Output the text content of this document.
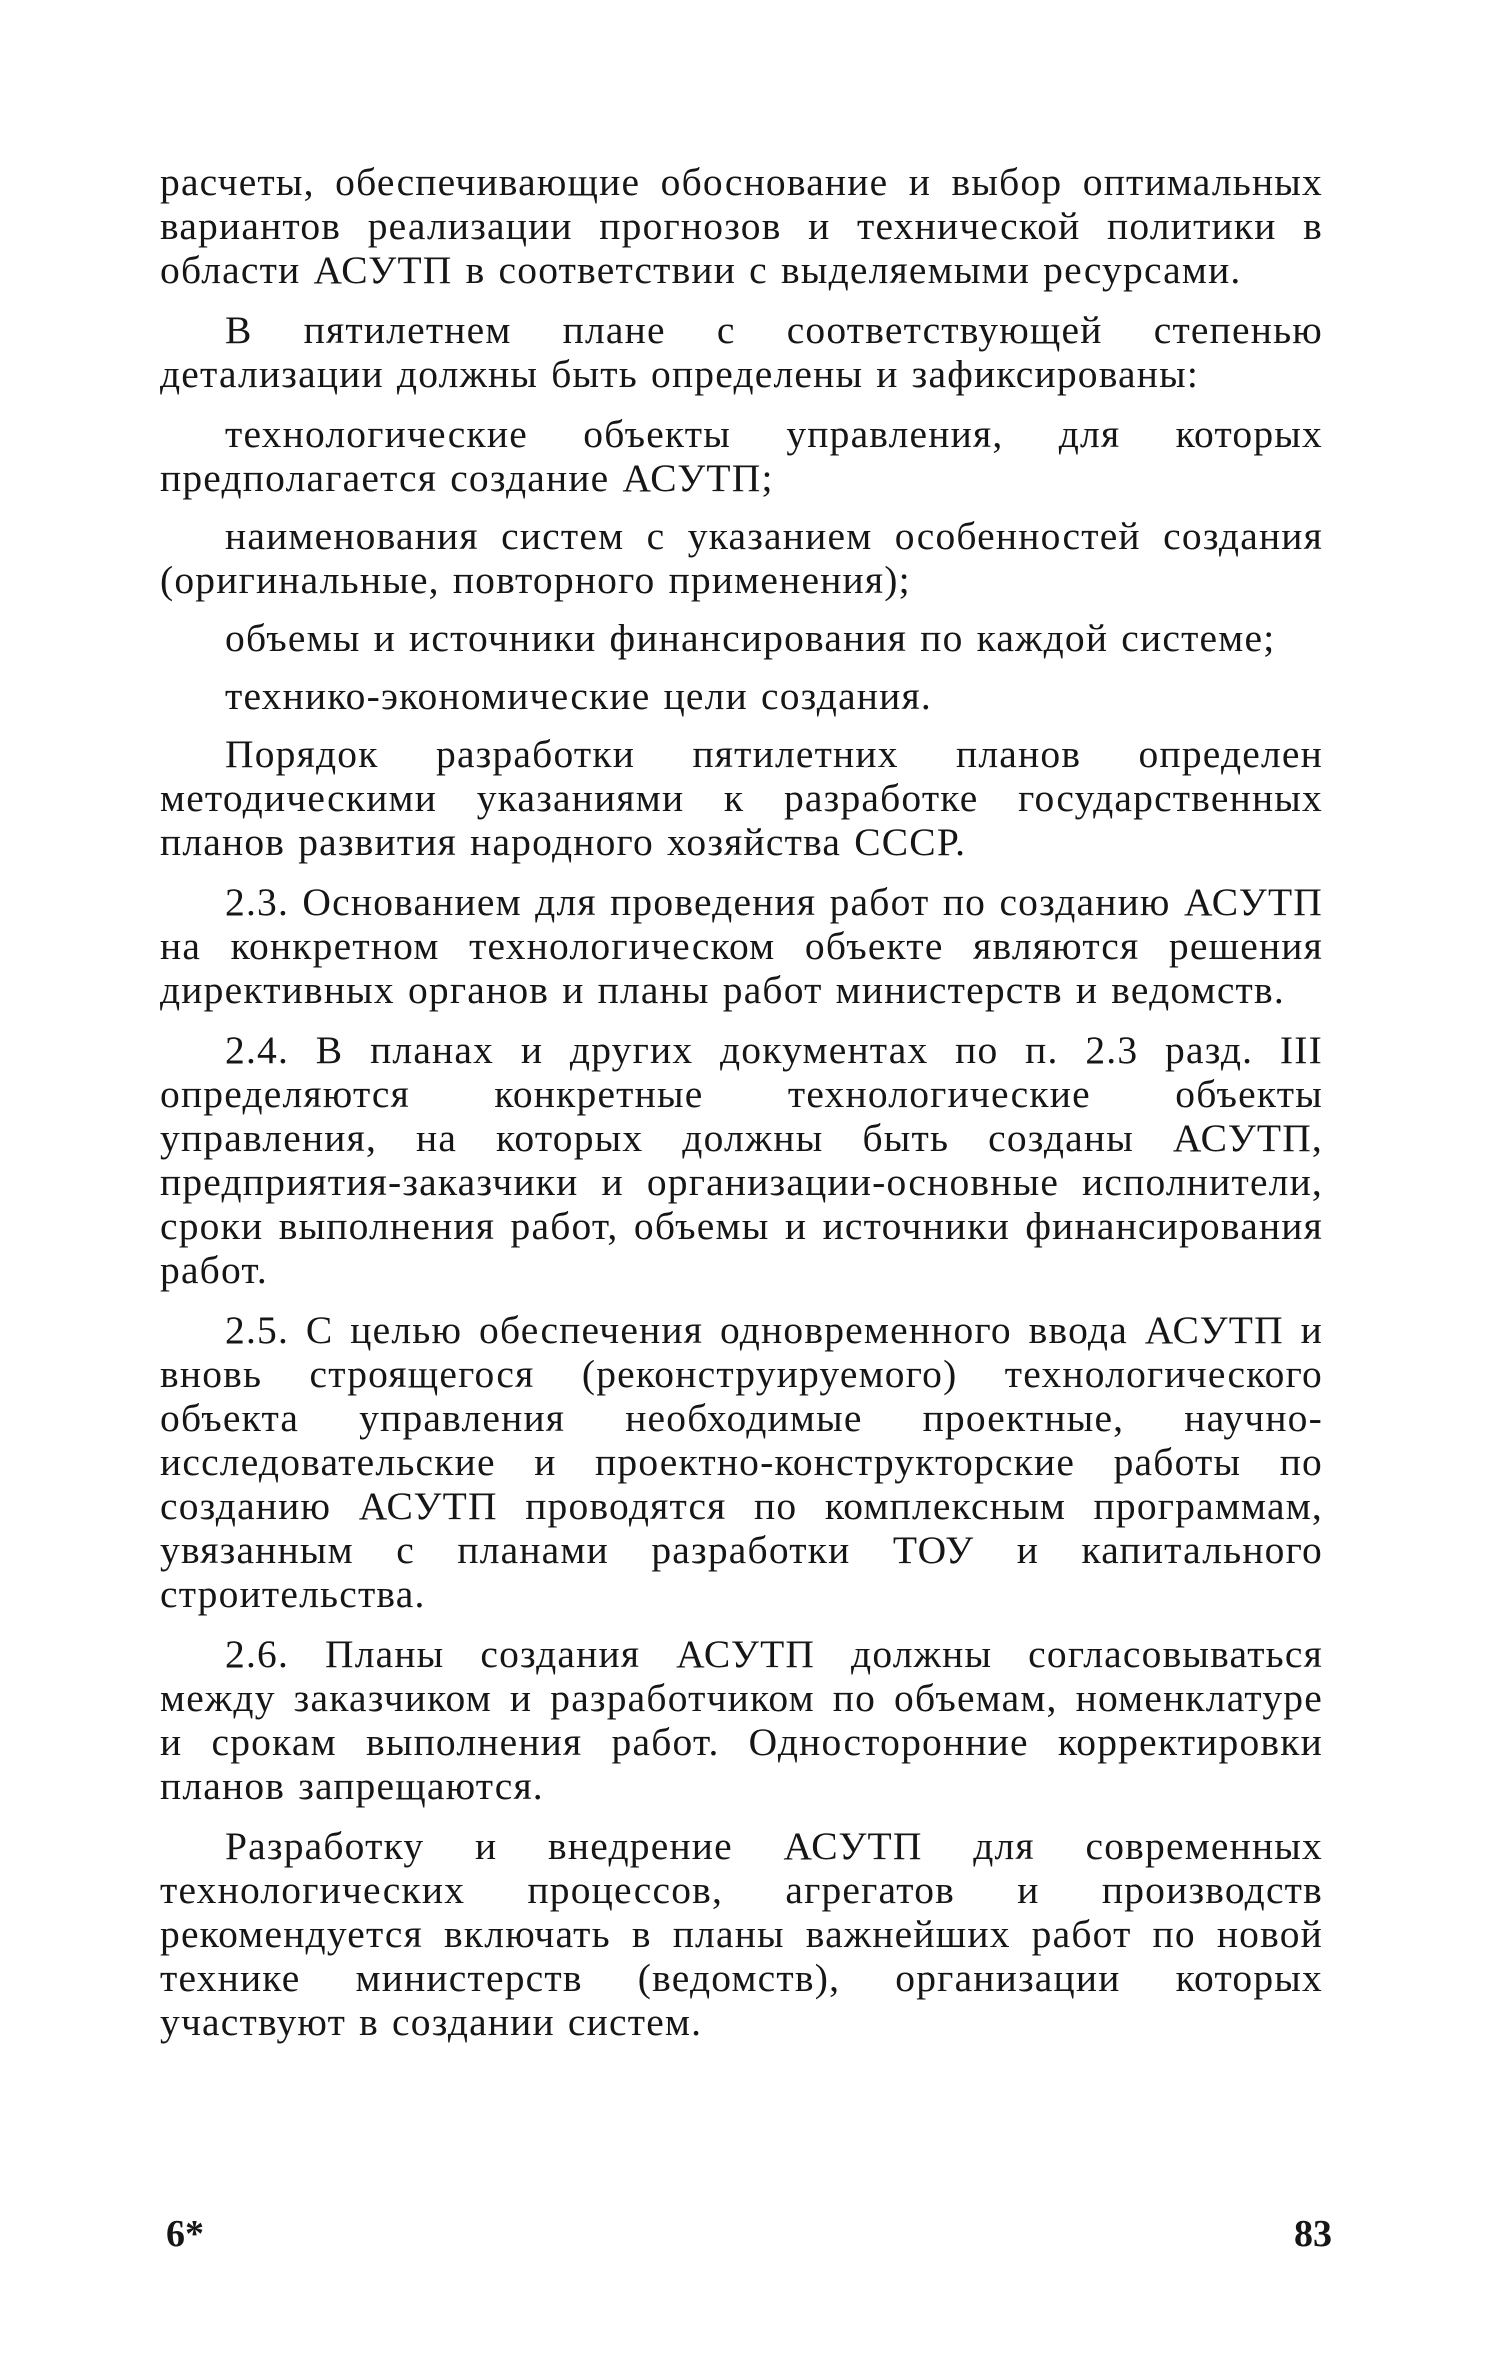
расчеты, обеспечивающие обоснование и выбор оптимальных вариантов реализации прогнозов и технической политики в области АСУТП в соответствии с выделяемыми ресурсами.

В пятилетнем плане с соответствующей степенью детализации должны быть определены и зафиксированы:

технологические объекты управления, для которых предполагается создание АСУТП;

наименования систем с указанием особенностей создания (оригинальные, повторного применения);

объемы и источники финансирования по каждой системе;

технико-экономические цели создания.

Порядок разработки пятилетних планов определен методическими указаниями к разработке государственных планов развития народного хозяйства СССР.

2.3. Основанием для проведения работ по созданию АСУТП на конкретном технологическом объекте являются решения директивных органов и планы работ министерств и ведомств.

2.4. В планах и других документах по п. 2.3 разд. III определяются конкретные технологические объекты управления, на которых должны быть созданы АСУТП, предприятия-заказчики и организации-основные исполнители, сроки выполнения работ, объемы и источники финансирования работ.

2.5. С целью обеспечения одновременного ввода АСУТП и вновь строящегося (реконструируемого) технологического объекта управления необходимые проектные, научно-исследовательские и проектно-конструкторские работы по созданию АСУТП проводятся по комплексным программам, увязанным с планами разработки ТОУ и капитального строительства.

2.6. Планы создания АСУТП должны согласовываться между заказчиком и разработчиком по объемам, номенклатуре и срокам выполнения работ. Односторонние корректировки планов запрещаются.

Разработку и внедрение АСУТП для современных технологических процессов, агрегатов и производств рекомендуется включать в планы важнейших работ по новой технике министерств (ведомств), организации которых участвуют в создании систем.

6*	83
